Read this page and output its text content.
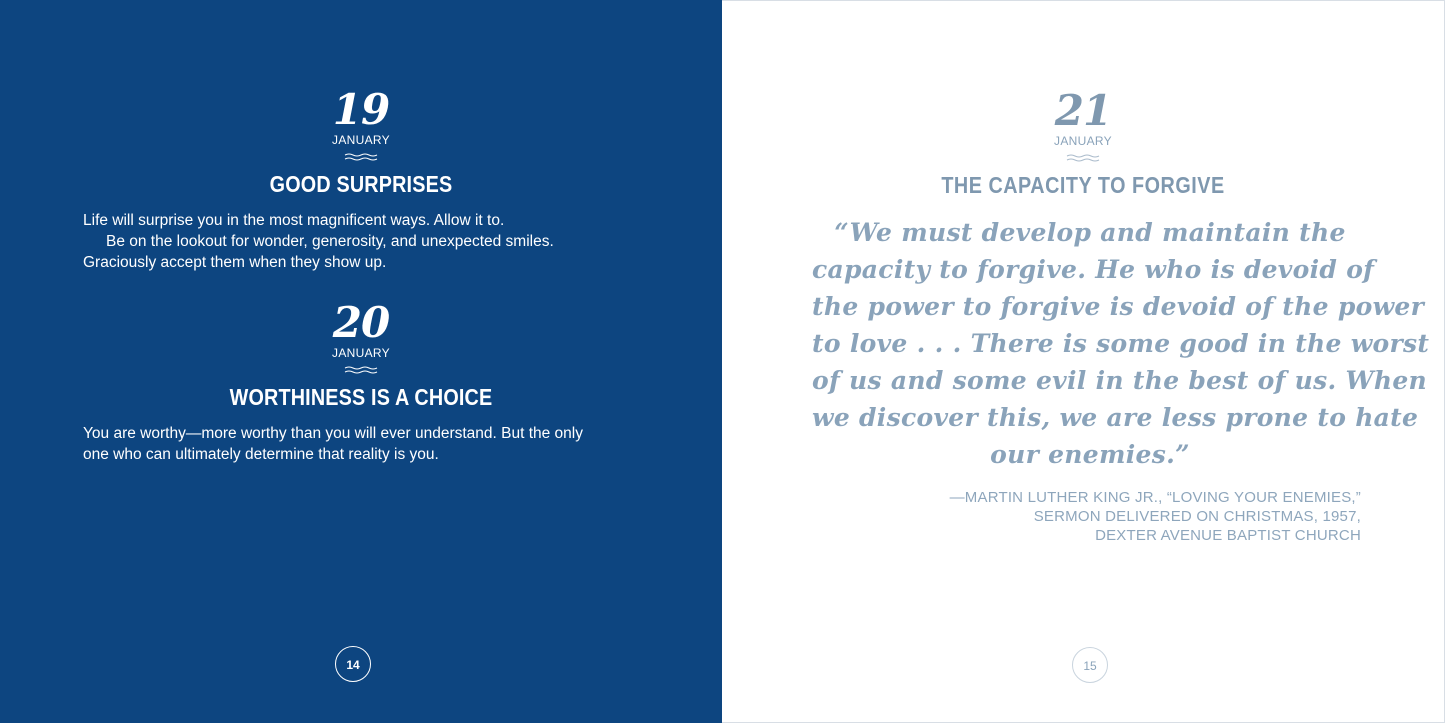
19
JANUARY
GOOD SURPRISES
Life will surprise you in the most magnificent ways. Allow it to.
Be on the lookout for wonder, generosity, and unexpected smiles.
Graciously accept them when they show up.
20
JANUARY
WORTHINESS IS A CHOICE
You are worthy—more worthy than you will ever understand. But the only
one who can ultimately determine that reality is you.
14
21
JANUARY
THE CAPACITY TO FORGIVE
“We must develop and maintain the
capacity to forgive. He who is devoid of
the power to forgive is devoid of the power
to love . . . There is some good in the worst
of us and some evil in the best of us. When
we discover this, we are less prone to hate
our enemies.”
—MARTIN LUTHER KING JR., “LOVING YOUR ENEMIES,”
SERMON DELIVERED ON CHRISTMAS, 1957,
DEXTER AVENUE BAPTIST CHURCH
15
